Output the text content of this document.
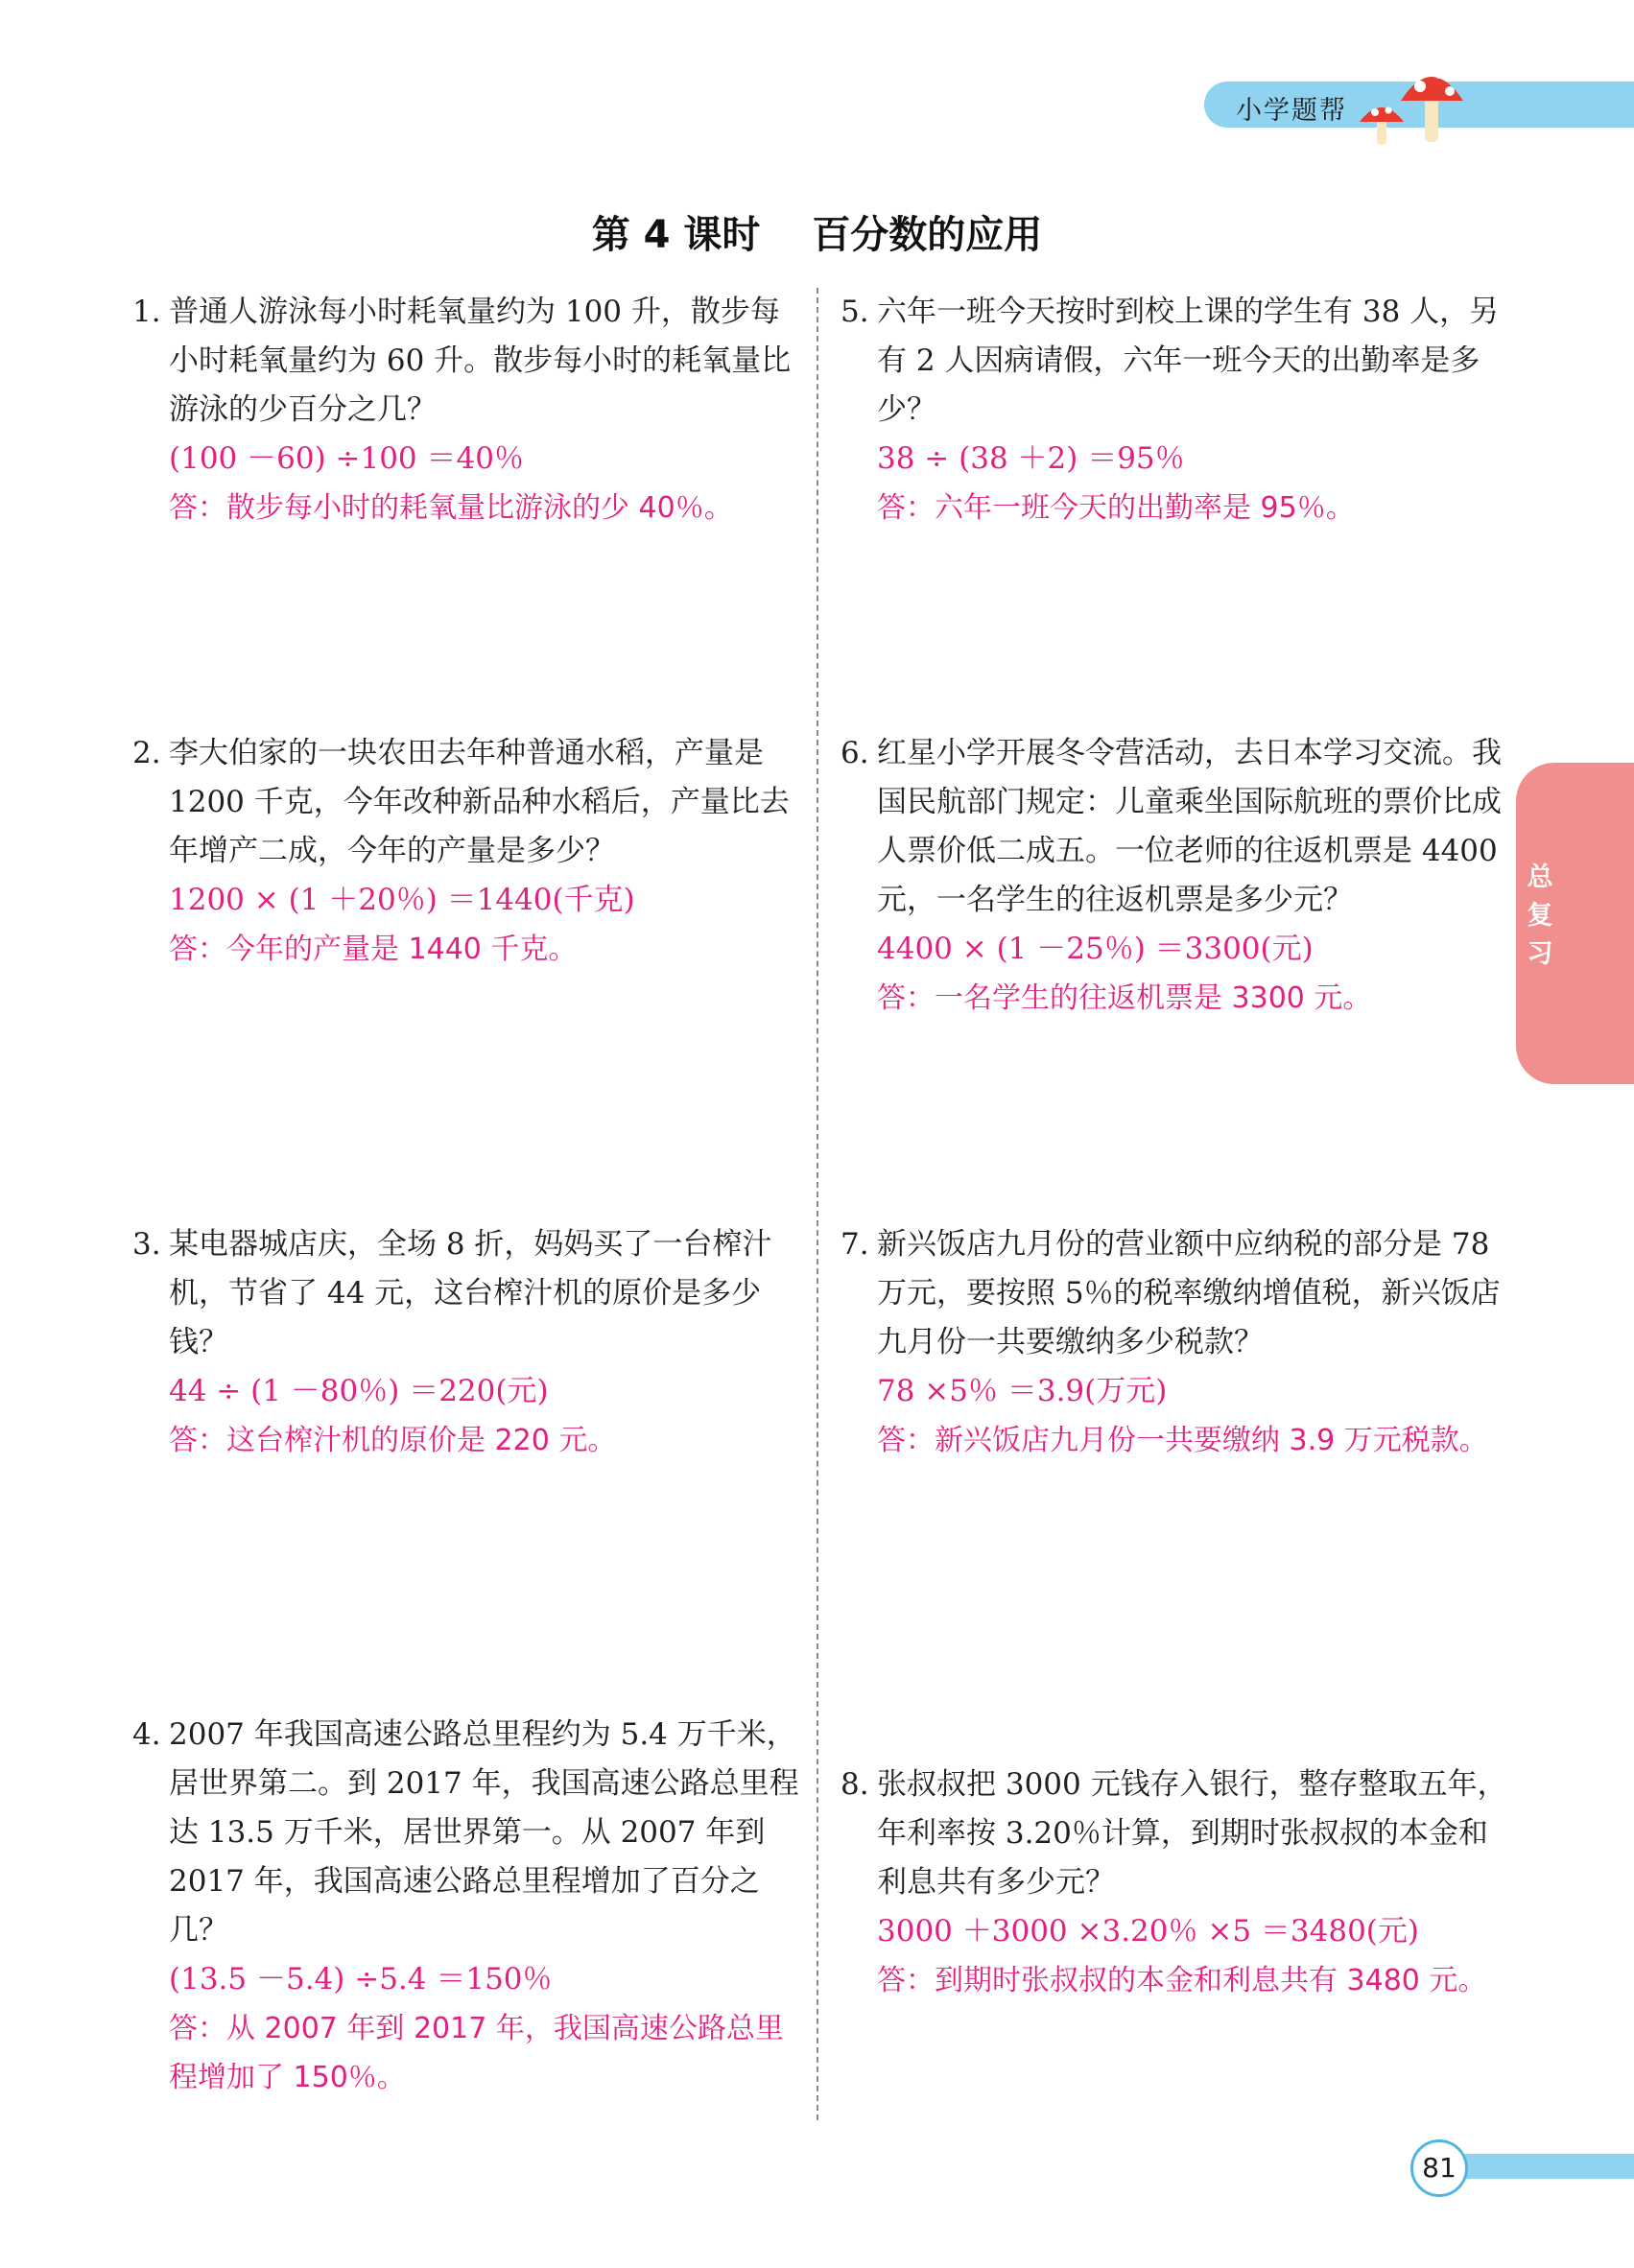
小学题帮
第 4 课时 百分数的应用
1. 普通人游泳每小时耗氧量约为 100 升，散步每小时耗氧量约为 60 升。散步每小时的耗氧量比游泳的少百分之几？
(100 －60) ÷100 ＝40％
答：散步每小时的耗氧量比游泳的少 40％。
2. 李大伯家的一块农田去年种普通水稻，产量是 1200 千克，今年改种新品种水稻后，产量比去年增产二成，今年的产量是多少？
1200 × (1 ＋20％) ＝1440(千克)
答：今年的产量是 1440 千克。
3. 某电器城店庆，全场 8 折，妈妈买了一台榨汁机，节省了 44 元，这台榨汁机的原价是多少钱？
44 ÷ (1 －80％) ＝220(元)
答：这台榨汁机的原价是 220 元。
4. 2007 年我国高速公路总里程约为 5.4 万千米，居世界第二。到 2017 年，我国高速公路总里程达 13.5 万千米，居世界第一。从 2007 年到 2017 年，我国高速公路总里程增加了百分之几？
(13.5 －5.4) ÷5.4 ＝150％
答：从 2007 年到 2017 年，我国高速公路总里程增加了 150％。
5. 六年一班今天按时到校上课的学生有 38 人，另有 2 人因病请假，六年一班今天的出勤率是多少？
38 ÷ (38 ＋2) ＝95％
答：六年一班今天的出勤率是 95％。
6. 红星小学开展冬令营活动，去日本学习交流。我国民航部门规定：儿童乘坐国际航班的票价比成人票价低二成五。一位老师的往返机票是 4400 元，一名学生的往返机票是多少元？
4400 × (1 －25％) ＝3300(元)
答：一名学生的往返机票是 3300 元。
7. 新兴饭店九月份的营业额中应纳税的部分是 78 万元，要按照 5％的税率缴纳增值税，新兴饭店九月份一共要缴纳多少税款？
78 ×5％ ＝3.9(万元)
答：新兴饭店九月份一共要缴纳 3.9 万元税款。
8. 张叔叔把 3000 元钱存入银行，整存整取五年，年利率按 3.20％计算，到期时张叔叔的本金和利息共有多少元？
3000 ＋3000 ×3.20％ ×5 ＝3480(元)
答：到期时张叔叔的本金和利息共有 3480 元。
总
复
习
81
